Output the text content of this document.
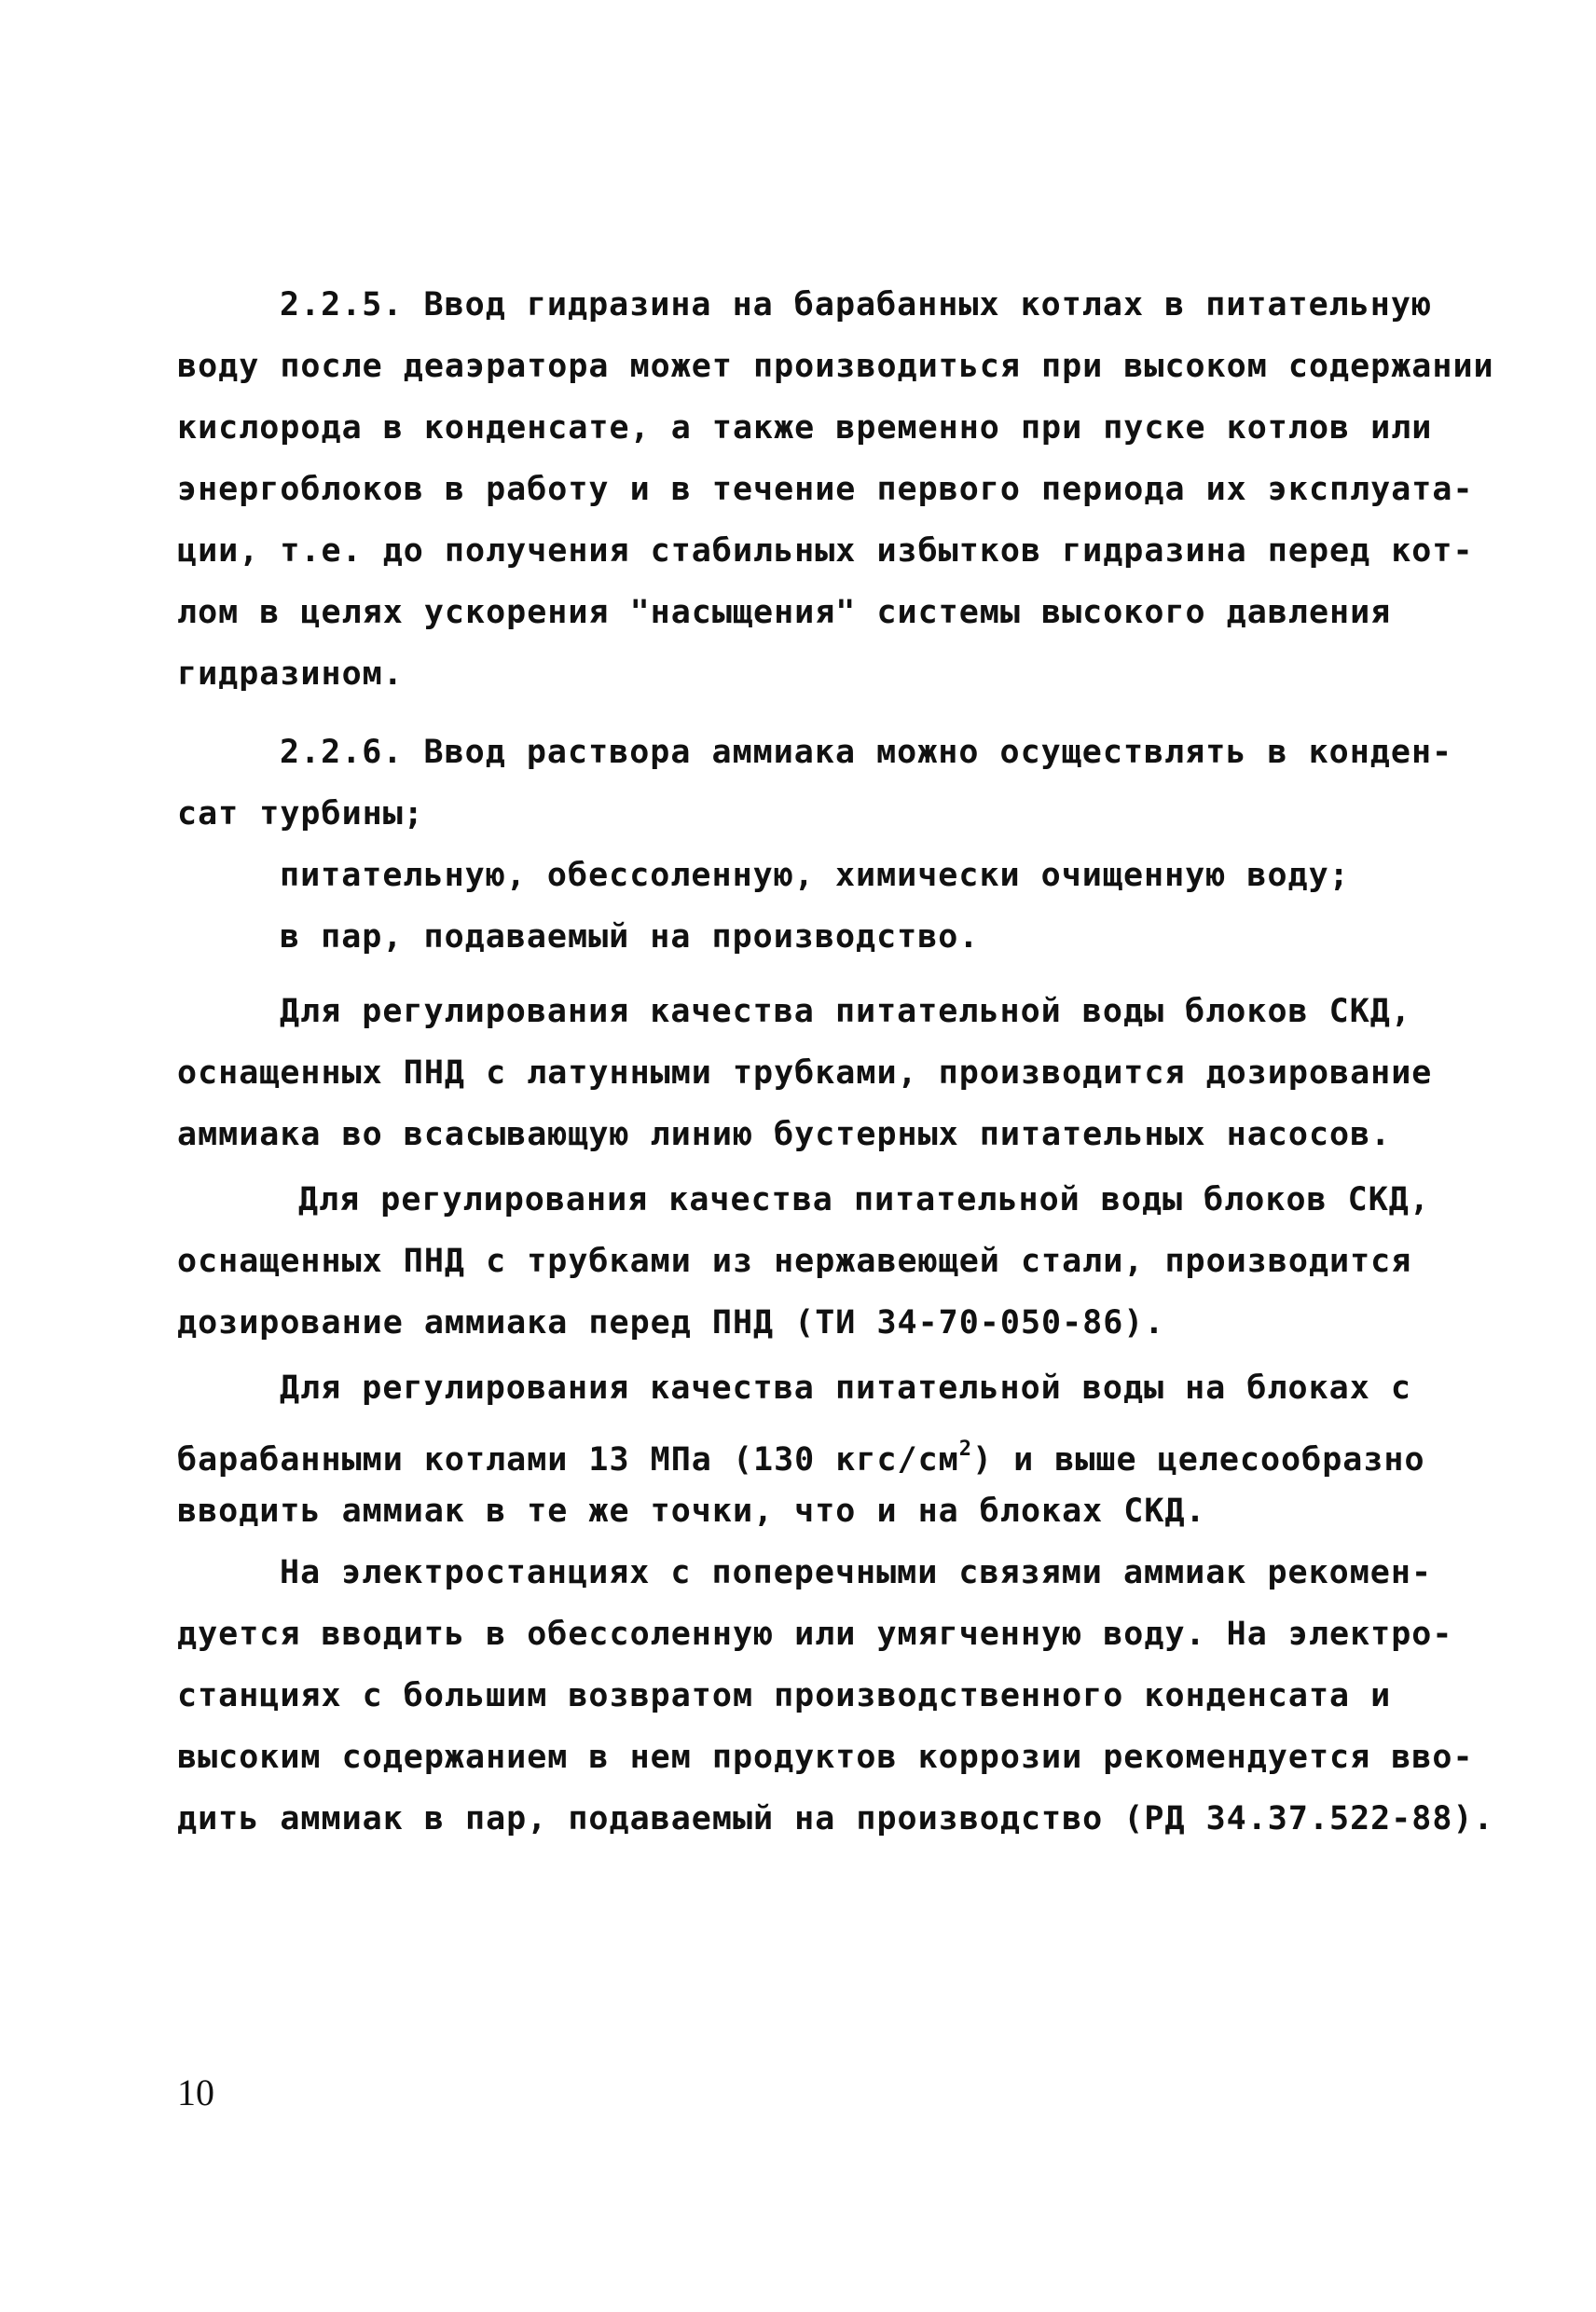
2.2.5. Ввод гидразина на барабанных котлах в питательную
воду после деаэратора может производиться при высоком содержании
кислорода в конденсате, а также временно при пуске котлов или
энергоблоков в работу и в течение первого периода их эксплуата-
ции, т.е. до получения стабильных избытков гидразина перед кот-
лом в целях ускорения "насыщения" системы высокого давления
гидразином.
2.2.6. Ввод раствора аммиака можно осуществлять в конден-
сат турбины;
питательную, обессоленную, химически очищенную воду;
в пар, подаваемый на производство.
Для регулирования качества питательной воды блоков СКД,
оснащенных ПНД с латунными трубками, производится дозирование
аммиака во всасывающую линию бустерных питательных насосов.
Для регулирования качества питательной воды блоков СКД,
оснащенных ПНД с трубками из нержавеющей стали, производится
дозирование аммиака перед ПНД (ТИ 34-70-050-86).
Для регулирования качества питательной воды на блоках с
барабанными котлами 13 МПа (130 кгс/$см^2$) и выше целесообразно
вводить аммиак в те же точки, что и на блоках СКД.
На электростанциях с поперечными связями аммиак рекомен-
дуется вводить в обессоленную или умягченную воду. На электро-
станциях с большим возвратом производственного конденсата и
высоким содержанием в нем продуктов коррозии рекомендуется вво-
дить аммиак в пар, подаваемый на производство (РД 34.37.522-88).
10
